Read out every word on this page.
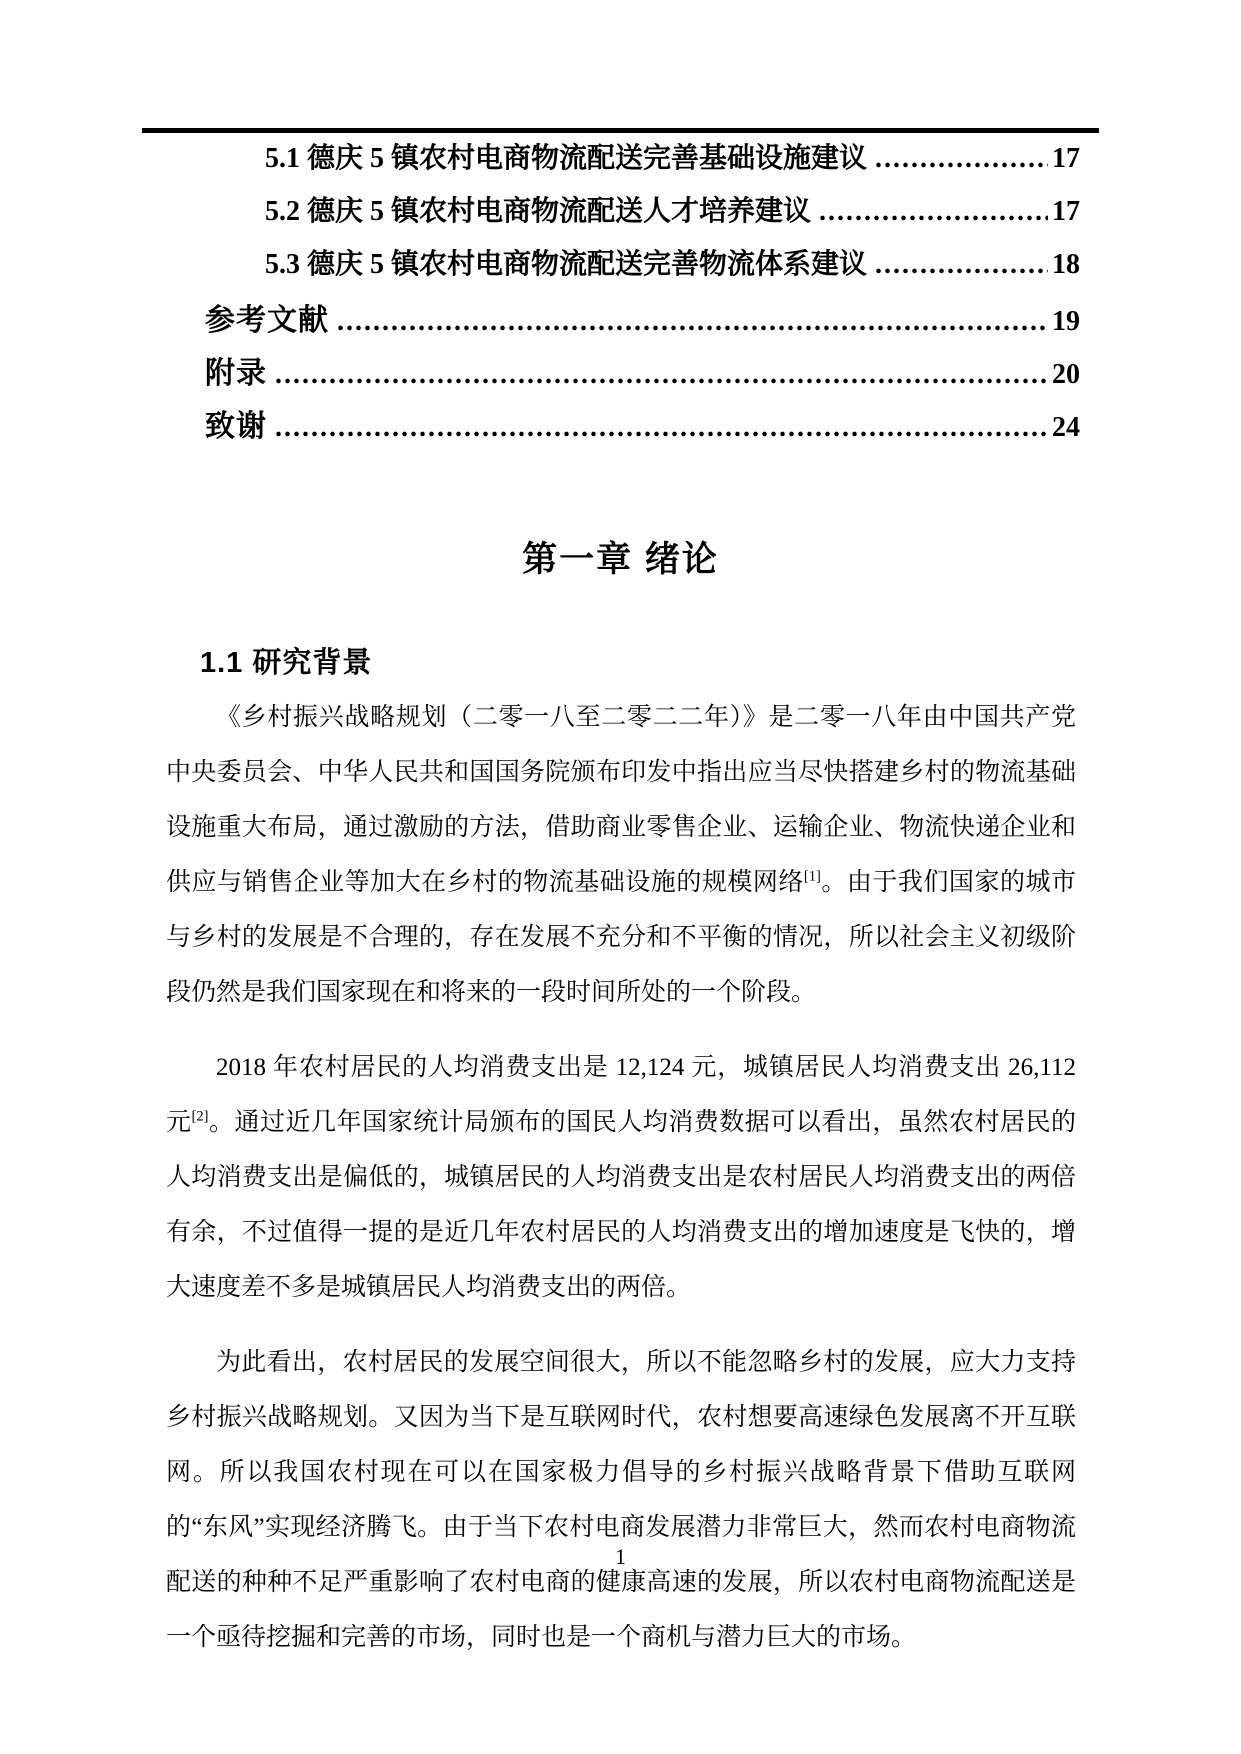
5.1 德庆 5 镇农村电商物流配送完善基础设施建议 .....	17
5.2 德庆 5 镇农村电商物流配送人才培养建议 .....	17
5.3 德庆 5 镇农村电商物流配送完善物流体系建议 .....	18
参考文献 .....	19
附录 .....	20
致谢 .....	24
第一章 绪论
1.1 研究背景

《乡村振兴战略规划（二零一八至二零二二年）》是二零一八年由中国共产党中央委员会、中华人民共和国国务院颁布印发中指出应当尽快搭建乡村的物流基础设施重大布局，通过激励的方法，借助商业零售企业、运输企业、物流快递企业和供应与销售企业等加大在乡村的物流基础设施的规模网络[1]。由于我们国家的城市与乡村的发展是不合理的，存在发展不充分和不平衡的情况，所以社会主义初级阶段仍然是我们国家现在和将来的一段时间所处的一个阶段。

2018 年农村居民的人均消费支出是 12,124 元，城镇居民人均消费支出 26,112 元[2]。通过近几年国家统计局颁布的国民人均消费数据可以看出，虽然农村居民的人均消费支出是偏低的，城镇居民的人均消费支出是农村居民人均消费支出的两倍有余，不过值得一提的是近几年农村居民的人均消费支出的增加速度是飞快的，增大速度差不多是城镇居民人均消费支出的两倍。

为此看出，农村居民的发展空间很大，所以不能忽略乡村的发展，应大力支持乡村振兴战略规划。又因为当下是互联网时代，农村想要高速绿色发展离不开互联网。所以我国农村现在可以在国家极力倡导的乡村振兴战略背景下借助互联网的“东风”实现经济腾飞。由于当下农村电商发展潜力非常巨大，然而农村电商物流配送的种种不足严重影响了农村电商的健康高速的发展，所以农村电商物流配送是一个亟待挖掘和完善的市场，同时也是一个商机与潜力巨大的市场。

1
